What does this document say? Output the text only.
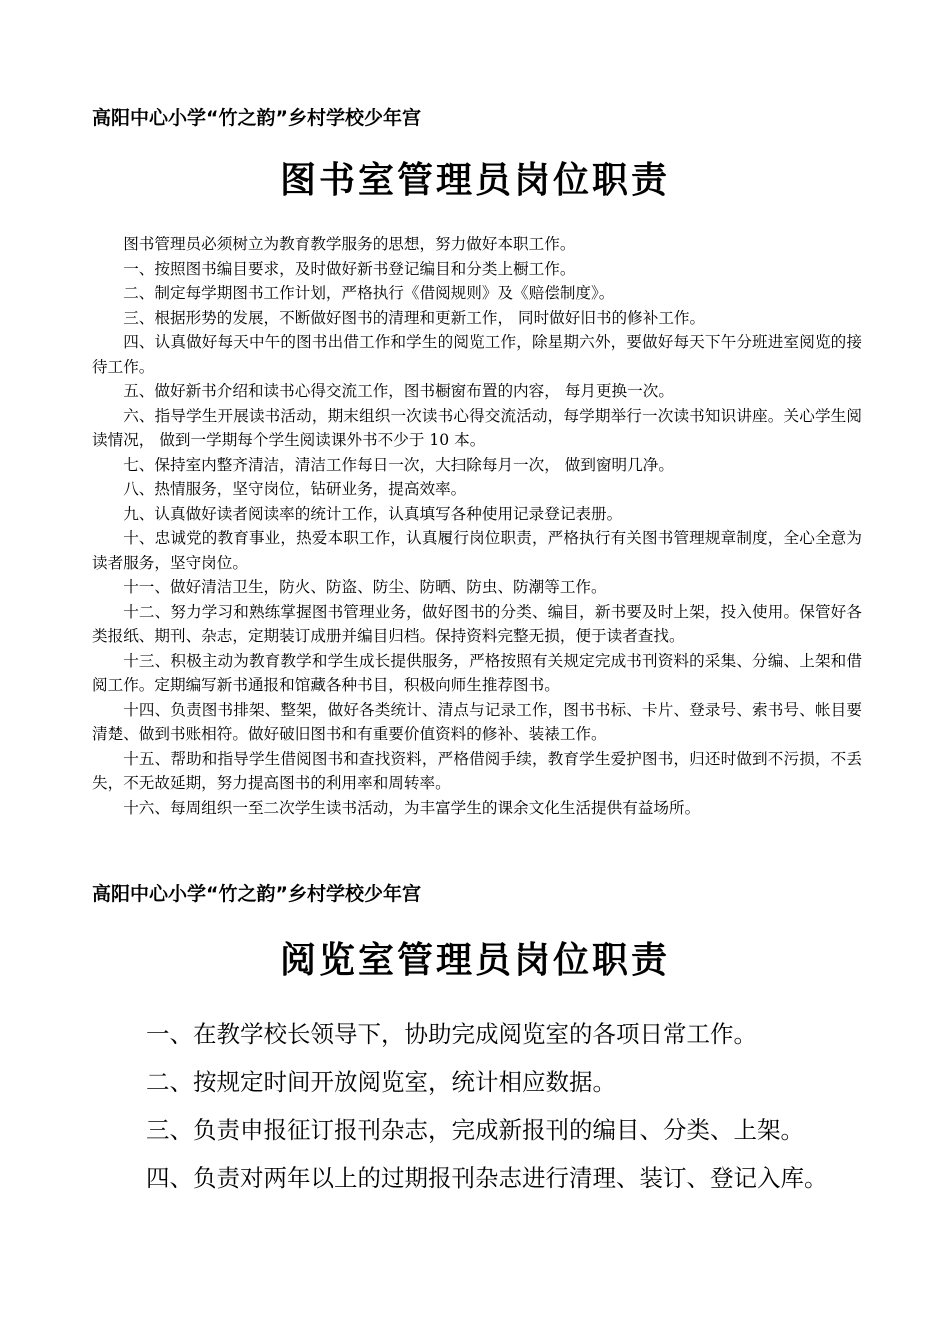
高阳中心小学“竹之韵”乡村学校少年宫
图书室管理员岗位职责

图书管理员必须树立为教育教学服务的思想，努力做好本职工作。

一、按照图书编目要求，及时做好新书登记编目和分类上橱工作。

二、制定每学期图书工作计划，严格执行《借阅规则》及《赔偿制度》。

三、根据形势的发展，不断做好图书的清理和更新工作， 同时做好旧书的修补工作。

四、认真做好每天中午的图书出借工作和学生的阅览工作，除星期六外，要做好每天下午分班进室阅览的接待工作。

五、做好新书介绍和读书心得交流工作，图书橱窗布置的内容， 每月更换一次。

六、指导学生开展读书活动，期末组织一次读书心得交流活动，每学期举行一次读书知识讲座。关心学生阅读情况， 做到一学期每个学生阅读课外书不少于 10 本。

七、保持室内整齐清洁，清洁工作每日一次，大扫除每月一次， 做到窗明几净。

八、热情服务，坚守岗位，钻研业务，提高效率。

九、认真做好读者阅读率的统计工作，认真填写各种使用记录登记表册。

十、忠诚党的教育事业，热爱本职工作，认真履行岗位职责，严格执行有关图书管理规章制度，全心全意为读者服务，坚守岗位。

十一、做好清洁卫生，防火、防盗、防尘、防晒、防虫、防潮等工作。

十二、努力学习和熟练掌握图书管理业务，做好图书的分类、编目，新书要及时上架，投入使用。保管好各类报纸、期刊、杂志，定期装订成册并编目归档。保持资料完整无损，便于读者查找。

十三、积极主动为教育教学和学生成长提供服务，严格按照有关规定完成书刊资料的采集、分编、上架和借阅工作。定期编写新书通报和馆藏各种书目，积极向师生推荐图书。

十四、负责图书排架、整架，做好各类统计、清点与记录工作，图书书标、卡片、登录号、索书号、帐目要清楚、做到书账相符。做好破旧图书和有重要价值资料的修补、装裱工作。

十五、帮助和指导学生借阅图书和查找资料，严格借阅手续，教育学生爱护图书，归还时做到不污损，不丢失，不无故延期，努力提高图书的利用率和周转率。

十六、每周组织一至二次学生读书活动，为丰富学生的课余文化生活提供有益场所。

高阳中心小学“竹之韵”乡村学校少年宫
阅览室管理员岗位职责

一、在教学校长领导下，协助完成阅览室的各项日常工作。

二、按规定时间开放阅览室，统计相应数据。

三、负责申报征订报刊杂志，完成新报刊的编目、分类、上架。

四、负责对两年以上的过期报刊杂志进行清理、装订、登记入库。
